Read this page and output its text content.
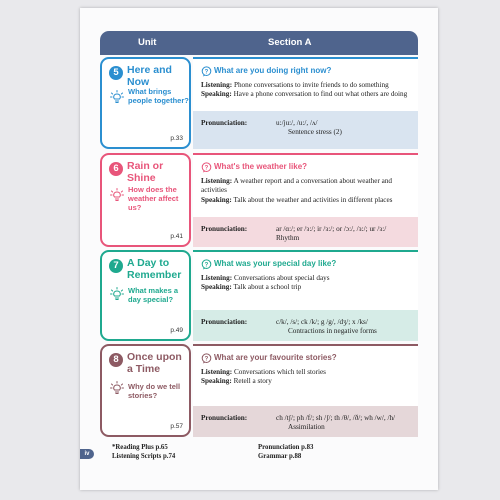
Unit	Section A
5 Here and Now
What brings people together?
p.33
? What are you doing right now?
Listening: Phone conversations to invite friends to do something
Speaking: Have a phone conversation to find out what others are doing
Pronunciation:	u:/ju:/, /u:/, /ʌ/
Sentence stress (2)
6 Rain or Shine
How does the weather affect us?
p.41
? What's the weather like?
Listening: A weather report and a conversation about weather and activities
Speaking: Talk about the weather and activities in different places
Pronunciation:	ar /ɑ:/; er /ɜ:/; ir /ɜ:/; or /ɔ:/, /ɜ:/; ur /ɜ:/
Rhythm
7 A Day to Remember
What makes a day special?
p.49
? What was your special day like?
Listening: Conversations about special days
Speaking: Talk about a school trip
Pronunciation:	c/k/, /s/; ck /k/; g /g/, /dʒ/; x /ks/
Contractions in negative forms
8 Once upon a Time
Why do we tell stories?
p.57
? What are your favourite stories?
Listening: Conversations which tell stories
Speaking: Retell a story
Pronunciation:	ch /tʃ/; ph /f/; sh /ʃ/; th /θ/, /ð/; wh /w/, /h/
Assimilation
*Reading Plus p.65
Listening Scripts p.74
Pronunciation p.83
Grammar p.88
iv
